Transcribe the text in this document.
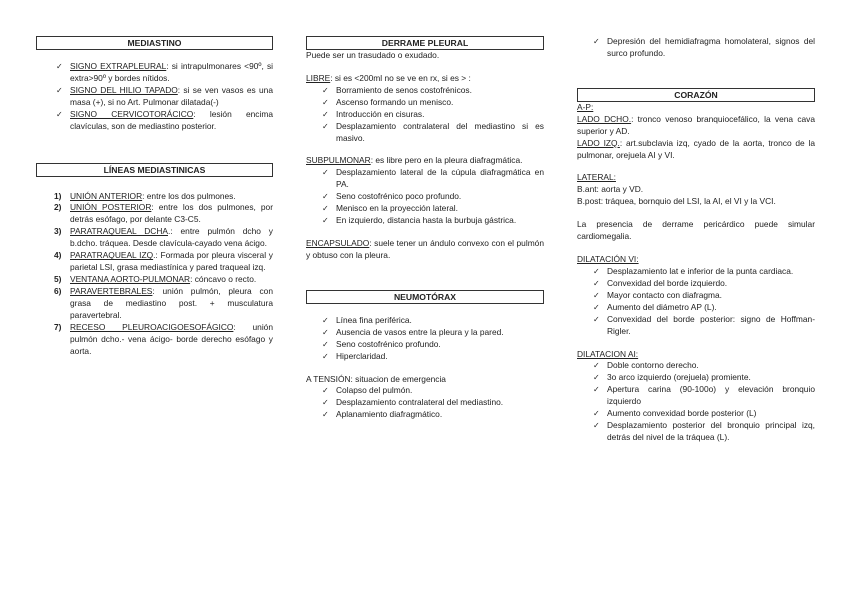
MEDIASTINO

✓ SIGNO EXTRAPLEURAL: si intrapulmonares <90º, si extra>90º y bordes nítidos.

✓ SIGNO DEL HILIO TAPADO: si se ven vasos es una masa (+), si no Art. Pulmonar dilatada(-)

✓ SIGNO CERVICOTORÁCICO: lesión encima clavículas, son de mediastino posterior.

LÍNEAS MEDIASTINICAS

1) UNIÓN ANTERIOR: entre los dos pulmones.

2) UNIÓN POSTERIOR: entre los dos pulmones, por detrás esófago, por delante C3-C5.

3) PARATRAQUEAL DCHA.: entre pulmón dcho y b.dcho. tráquea. Desde clavícula-cayado vena ácigo.

4) PARATRAQUEAL IZQ.: Formada por pleura visceral y parietal LSI, grasa mediastínica y pared traqueal izq.

5) VENTANA AORTO-PULMONAR: cóncavo o recto.

6) PARAVERTEBRALES: unión pulmón, pleura con grasa de mediastino post. + musculatura paravertebral.

7) RECESO PLEUROACIGOESOFÁGICO: unión pulmón dcho.- vena ácigo- borde derecho esófago y aorta.

DERRAME PLEURAL

Puede ser un trasudado o exudado.

LIBRE: si es <200ml no se ve en rx, si es > :

✓ Borramiento de senos costofrénicos.

✓ Ascenso formando un menisco.

✓ Introducción en cisuras.

✓ Desplazamiento contralateral del mediastino si es masivo.

SUBPULMONAR: es libre pero en la pleura diafragmática.

✓ Desplazamiento lateral de la cúpula diafragmática en PA.

✓ Seno costofrénico poco profundo.

✓ Menisco en la proyección lateral.

✓ En izquierdo, distancia hasta la burbuja gástrica.

ENCAPSULADO: suele tener un ándulo convexo con el pulmón y obtuso con la pleura.

NEUMOTÓRAX

✓ Línea fina periférica.

✓ Ausencia de vasos entre la pleura y la pared.

✓ Seno costofrénico profundo.

✓ Hiperclaridad.

A TENSIÓN: situacion de emergencia

✓ Colapso del pulmón.

✓ Desplazamiento contralateral del mediastino.

✓ Aplanamiento diafragmático.

✓ Depresión del hemidiafragma homolateral, signos del surco profundo.

CORAZÓN

A-P:

LADO DCHO.: tronco venoso branquiocefálico, la vena cava superior y AD.

LADO IZQ.: art.subclavia izq, cyado de la aorta, tronco de la pulmonar, orejuela AI y VI.

LATERAL:

B.ant: aorta y VD.

B.post: tráquea, bornquio del LSI, la AI, el VI y la VCI.

La presencia de derrame pericárdico puede simular cardiomegalia.

DILATACIÓN VI:

✓ Desplazamiento lat e inferior de la punta cardiaca.

✓ Convexidad del borde izquierdo.

✓ Mayor contacto con diafragma.

✓ Aumento del diámetro AP (L).

✓ Convexidad del borde posterior: signo de Hoffman-Rigler.

DILATACION AI:

✓ Doble contorno derecho.

✓ 3o arco izquierdo (orejuela) promiente.

✓ Apertura carina (90-100o) y elevación bronquio izquierdo

✓ Aumento convexidad borde posterior (L)

✓ Desplazamiento posterior del bronquio principal izq, detrás del nivel de la tráquea (L).
